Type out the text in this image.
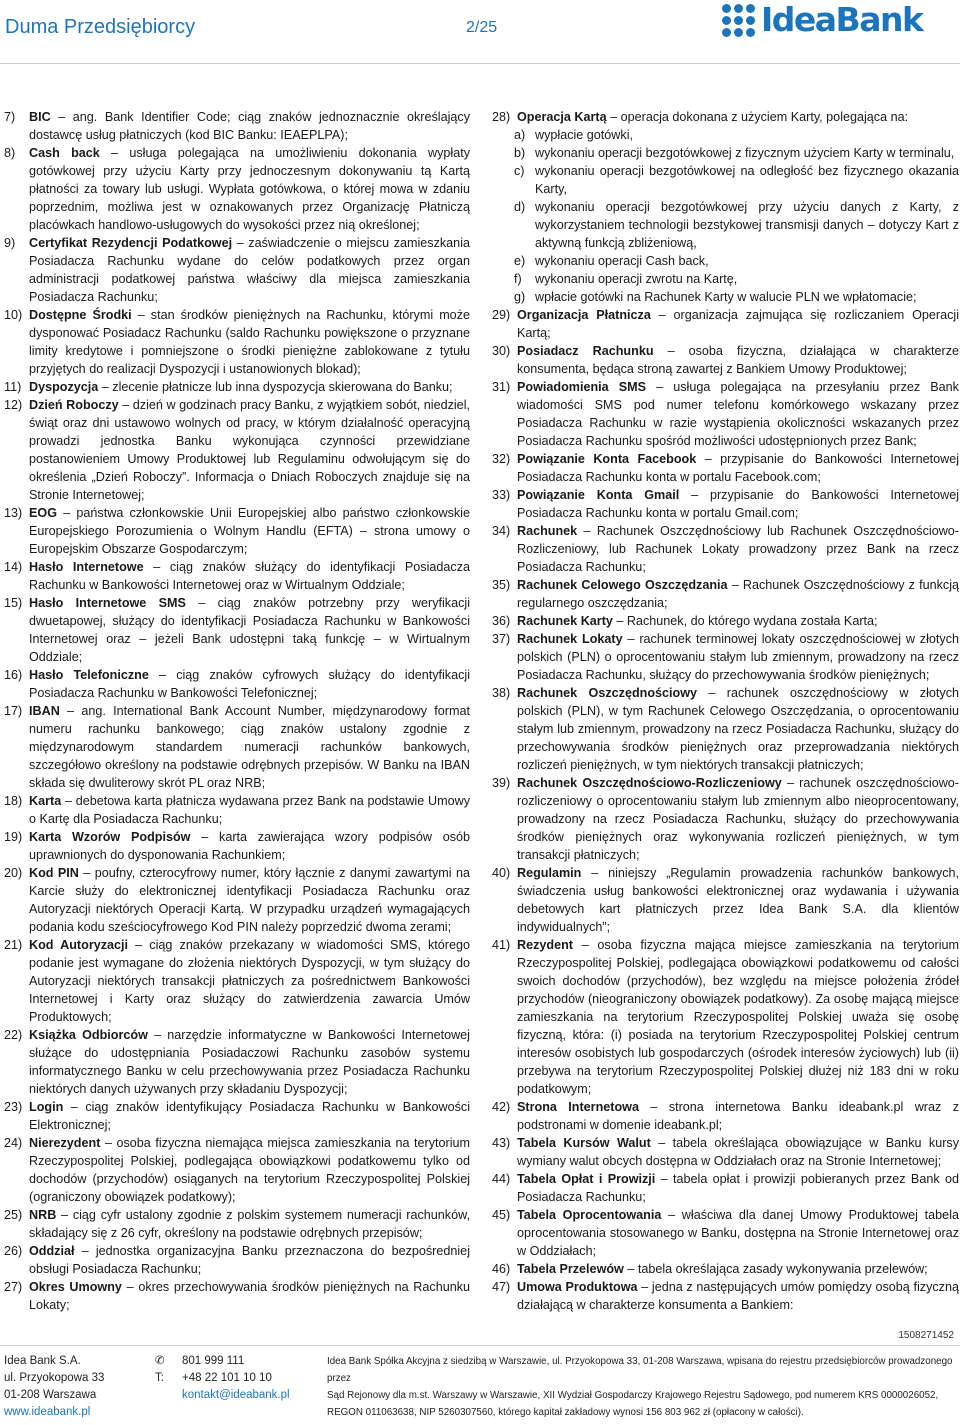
Duma Przedsiębiorcy	2/25	IdeaBank
7) BIC – ang. Bank Identifier Code; ciąg znaków jednoznacznie określający dostawcę usług płatniczych (kod BIC Banku: IEAEPLPA);
8) Cash back – usługa polegająca na umożliwieniu dokonania wypłaty gotówkowej przy użyciu Karty przy jednoczesnym dokonywaniu tą Kartą płatności za towary lub usługi. Wypłata gotówkowa, o której mowa w zdaniu poprzednim, możliwa jest w oznakowanych przez Organizację Płatniczą placówkach handlowo-usługowych do wysokości przez nią określonej;
9) Certyfikat Rezydencji Podatkowej – zaświadczenie o miejscu zamieszkania Posiadacza Rachunku wydane do celów podatkowych przez organ administracji podatkowej państwa właściwy dla miejsca zamieszkania Posiadacza Rachunku;
10) Dostępne Środki – stan środków pieniężnych na Rachunku, którymi może dysponować Posiadacz Rachunku (saldo Rachunku powiększone o przyznane limity kredytowe i pomniejszone o środki pieniężne zablokowane z tytułu przyjętych do realizacji Dyspozycji i ustanowionych blokad);
11) Dyspozycja – zlecenie płatnicze lub inna dyspozycja skierowana do Banku;
12) Dzień Roboczy – dzień w godzinach pracy Banku, z wyjątkiem sobót, niedziel, świąt oraz dni ustawowo wolnych od pracy, w którym działalność operacyjną prowadzi jednostka Banku wykonująca czynności przewidziane postanowieniem Umowy Produktowej lub Regulaminu odwołującym się do określenia „Dzień Roboczy”. Informacja o Dniach Roboczych znajduje się na Stronie Internetowej;
13) EOG – państwa członkowskie Unii Europejskiej albo państwo członkowskie Europejskiego Porozumienia o Wolnym Handlu (EFTA) – strona umowy o Europejskim Obszarze Gospodarczym;
14) Hasło Internetowe – ciąg znaków służący do identyfikacji Posiadacza Rachunku w Bankowości Internetowej oraz w Wirtualnym Oddziale;
15) Hasło Internetowe SMS – ciąg znaków potrzebny przy weryfikacji dwuetapowej, służący do identyfikacji Posiadacza Rachunku w Bankowości Internetowej oraz – jeżeli Bank udostępni taką funkcję – w Wirtualnym Oddziale;
16) Hasło Telefoniczne – ciąg znaków cyfrowych służący do identyfikacji Posiadacza Rachunku w Bankowości Telefonicznej;
17) IBAN – ang. International Bank Account Number, międzynarodowy format numeru rachunku bankowego; ciąg znaków ustalony zgodnie z międzynarodowym standardem numeracji rachunków bankowych, szczegółowo określony na podstawie odrębnych przepisów. W Banku na IBAN składa się dwuliterowy skrót PL oraz NRB;
18) Karta – debetowa karta płatnicza wydawana przez Bank na podstawie Umowy o Kartę dla Posiadacza Rachunku;
19) Karta Wzorów Podpisów – karta zawierająca wzory podpisów osób uprawnionych do dysponowania Rachunkiem;
20) Kod PIN – poufny, czterocyfrowy numer, który łącznie z danymi zawartymi na Karcie służy do elektronicznej identyfikacji Posiadacza Rachunku oraz Autoryzacji niektórych Operacji Kartą. W przypadku urządzeń wymagających podania kodu sześciocyfrowego Kod PIN należy poprzedzić dwoma zerami;
21) Kod Autoryzacji – ciąg znaków przekazany w wiadomości SMS, którego podanie jest wymagane do złożenia niektórych Dyspozycji, w tym służący do Autoryzacji niektórych transakcji płatniczych za pośrednictwem Bankowości Internetowej i Karty oraz służący do zatwierdzenia zawarcia Umów Produktowych;
22) Książka Odbiorców – narzędzie informatyczne w Bankowości Internetowej służące do udostępniania Posiadaczowi Rachunku zasobów systemu informatycznego Banku w celu przechowywania przez Posiadacza Rachunku niektórych danych używanych przy składaniu Dyspozycji;
23) Login – ciąg znaków identyfikujący Posiadacza Rachunku w Bankowości Elektronicznej;
24) Nierezydent – osoba fizyczna niemająca miejsca zamieszkania na terytorium Rzeczypospolitej Polskiej, podlegająca obowiązkowi podatkowemu tylko od dochodów (przychodów) osiąganych na terytorium Rzeczypospolitej Polskiej (ograniczony obowiązek podatkowy);
25) NRB – ciąg cyfr ustalony zgodnie z polskim systemem numeracji rachunków, składający się z 26 cyfr, określony na podstawie odrębnych przepisów;
26) Oddział – jednostka organizacyjna Banku przeznaczona do bezpośredniej obsługi Posiadacza Rachunku;
27) Okres Umowny – okres przechowywania środków pieniężnych na Rachunku Lokaty;
28) Operacja Kartą – operacja dokonana z użyciem Karty, polegająca na:
a) wypłacie gotówki,
b) wykonaniu operacji bezgotówkowej z fizycznym użyciem Karty w terminalu,
c) wykonaniu operacji bezgotówkowej na odległość bez fizycznego okazania Karty,
d) wykonaniu operacji bezgotówkowej przy użyciu danych z Karty, z wykorzystaniem technologii bezstykowej transmisji danych – dotyczy Kart z aktywną funkcją zbliżeniową,
e) wykonaniu operacji Cash back,
f) wykonaniu operacji zwrotu na Kartę,
g) wpłacie gotówki na Rachunek Karty w walucie PLN we wpłatomacie;
29) Organizacja Płatnicza – organizacja zajmująca się rozliczaniem Operacji Kartą;
30) Posiadacz Rachunku – osoba fizyczna, działająca w charakterze konsumenta, będąca stroną zawartej z Bankiem Umowy Produktowej;
31) Powiadomienia SMS – usługa polegająca na przesyłaniu przez Bank wiadomości SMS pod numer telefonu komórkowego wskazany przez Posiadacza Rachunku w razie wystąpienia okoliczności wskazanych przez Posiadacza Rachunku spośród możliwości udostępnionych przez Bank;
32) Powiązanie Konta Facebook – przypisanie do Bankowości Internetowej Posiadacza Rachunku konta w portalu Facebook.com;
33) Powiązanie Konta Gmail – przypisanie do Bankowości Internetowej Posiadacza Rachunku konta w portalu Gmail.com;
34) Rachunek – Rachunek Oszczędnościowy lub Rachunek Oszczędnościowo-Rozliczeniowy, lub Rachunek Lokaty prowadzony przez Bank na rzecz Posiadacza Rachunku;
35) Rachunek Celowego Oszczędzania – Rachunek Oszczędnościowy z funkcją regularnego oszczędzania;
36) Rachunek Karty – Rachunek, do którego wydana została Karta;
37) Rachunek Lokaty – rachunek terminowej lokaty oszczędnościowej w złotych polskich (PLN) o oprocentowaniu stałym lub zmiennym, prowadzony na rzecz Posiadacza Rachunku, służący do przechowywania środków pieniężnych;
38) Rachunek Oszczędnościowy – rachunek oszczędnościowy w złotych polskich (PLN), w tym Rachunek Celowego Oszczędzania, o oprocentowaniu stałym lub zmiennym, prowadzony na rzecz Posiadacza Rachunku, służący do przechowywania środków pieniężnych oraz przeprowadzania niektórych rozliczeń pieniężnych, w tym niektórych transakcji płatniczych;
39) Rachunek Oszczędnościowo-Rozliczeniowy – rachunek oszczędnościowo-rozliczeniowy o oprocentowaniu stałym lub zmiennym albo nieoprocentowany, prowadzony na rzecz Posiadacza Rachunku, służący do przechowywania środków pieniężnych oraz wykonywania rozliczeń pieniężnych, w tym transakcji płatniczych;
40) Regulamin – niniejszy „Regulamin prowadzenia rachunków bankowych, świadczenia usług bankowości elektronicznej oraz wydawania i używania debetowych kart płatniczych przez Idea Bank S.A. dla klientów indywidualnych”;
41) Rezydent – osoba fizyczna mająca miejsce zamieszkania na terytorium Rzeczypospolitej Polskiej, podlegająca obowiązkowi podatkowemu od całości swoich dochodów (przychodów), bez względu na miejsce położenia źródeł przychodów (nieograniczony obowiązek podatkowy). Za osobę mającą miejsce zamieszkania na terytorium Rzeczypospolitej Polskiej uważa się osobę fizyczną, która: (i) posiada na terytorium Rzeczypospolitej Polskiej centrum interesów osobistych lub gospodarczych (ośrodek interesów życiowych) lub (ii) przebywa na terytorium Rzeczypospolitej Polskiej dłużej niż 183 dni w roku podatkowym;
42) Strona Internetowa – strona internetowa Banku ideabank.pl wraz z podstronami w domenie ideabank.pl;
43) Tabela Kursów Walut – tabela określająca obowiązujące w Banku kursy wymiany walut obcych dostępna w Oddziałach oraz na Stronie Internetowej;
44) Tabela Opłat i Prowizji – tabela opłat i prowizji pobieranych przez Bank od Posiadacza Rachunku;
45) Tabela Oprocentowania – właściwa dla danej Umowy Produktowej tabela oprocentowania stosowanego w Banku, dostępna na Stronie Internetowej oraz w Oddziałach;
46) Tabela Przelewów – tabela określająca zasady wykonywania przelewów;
47) Umowa Produktowa – jedna z następujących umów pomiędzy osobą fizyczną działającą w charakterze konsumenta a Bankiem:
1508271452
Idea Bank S.A.
ul. Przyokopowa 33
01-208 Warszawa
www.ideabank.pl
✆	801 999 111
T:	+48 22 101 10 10
kontakt@ideabank.pl
Idea Bank Spółka Akcyjna z siedzibą w Warszawie, ul. Przyokopowa 33, 01-208 Warszawa, wpisana do rejestru przedsiębiorców prowadzonego przez
Sąd Rejonowy dla m.st. Warszawy w Warszawie, XII Wydział Gospodarczy Krajowego Rejestru Sądowego, pod numerem KRS 0000026052,
REGON 011063638, NIP 5260307560, którego kapitał zakładowy wynosi 156 803 962 zł (opłacony w całości).
